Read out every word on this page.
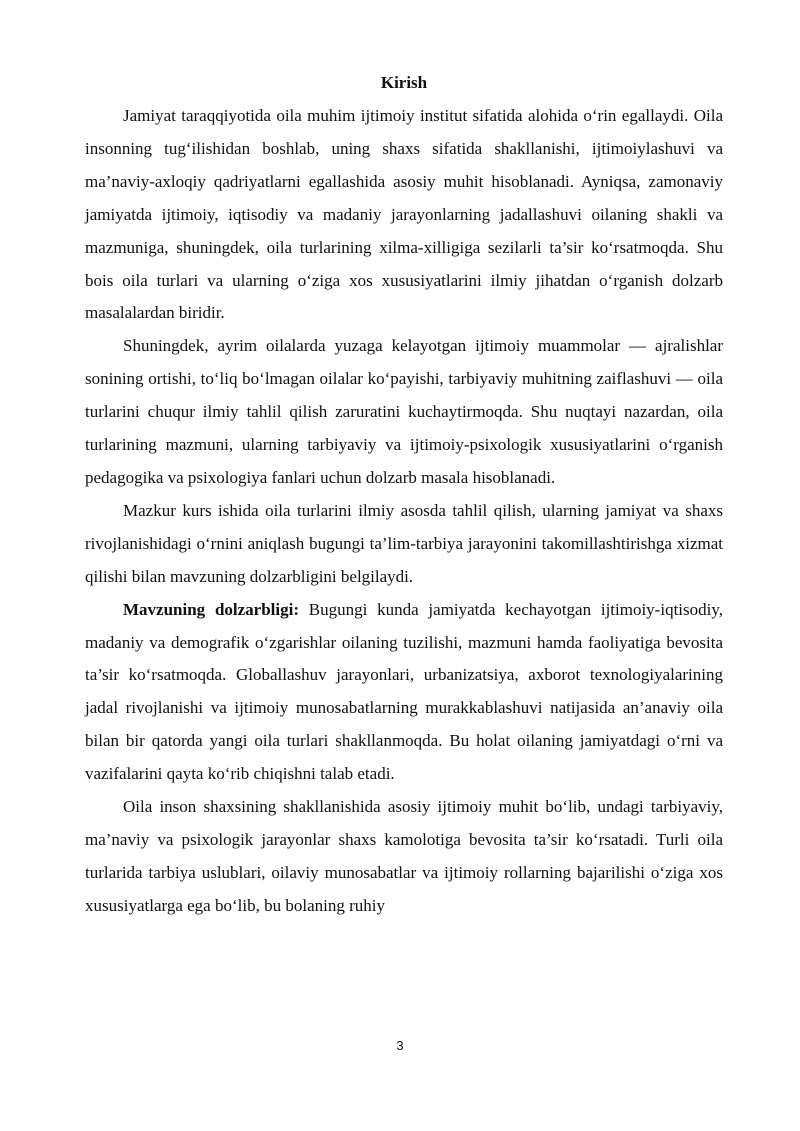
Kirish

Jamiyat taraqqiyotida oila muhim ijtimoiy institut sifatida alohida o‘rin egallaydi. Oila insonning tug‘ilishidan boshlab, uning shaxs sifatida shakllanishi, ijtimoiylashuvi va ma’naviy-axloqiy qadriyatlarni egallashida asosiy muhit hisoblanadi. Ayniqsa, zamonaviy jamiyatda ijtimoiy, iqtisodiy va madaniy jarayonlarning jadallashuvi oilaning shakli va mazmuniga, shuningdek, oila turlarining xilma-xilligiga sezilarli ta’sir ko‘rsatmoqda. Shu bois oila turlari va ularning o‘ziga xos xususiyatlarini ilmiy jihatdan o‘rganish dolzarb masalalardan biridir.

Shuningdek, ayrim oilalarda yuzaga kelayotgan ijtimoiy muammolar — ajralishlar sonining ortishi, to‘liq bo‘lmagan oilalar ko‘payishi, tarbiyaviy muhitning zaiflashuvi — oila turlarini chuqur ilmiy tahlil qilish zaruratini kuchaytirmoqda. Shu nuqtayi nazardan, oila turlarining mazmuni, ularning tarbiyaviy va ijtimoiy-psixologik xususiyatlarini o‘rganish pedagogika va psixologiya fanlari uchun dolzarb masala hisoblanadi.

Mazkur kurs ishida oila turlarini ilmiy asosda tahlil qilish, ularning jamiyat va shaxs rivojlanishidagi o‘rnini aniqlash bugungi ta’lim-tarbiya jarayonini takomillashtirishga xizmat qilishi bilan mavzuning dolzarbligini belgilaydi.

Mavzuning dolzarbligi: Bugungi kunda jamiyatda kechayotgan ijtimoiy-iqtisodiy, madaniy va demografik o‘zgarishlar oilaning tuzilishi, mazmuni hamda faoliyatiga bevosita ta’sir ko‘rsatmoqda. Globallashuv jarayonlari, urbanizatsiya, axborot texnologiyalarining jadal rivojlanishi va ijtimoiy munosabatlarning murakkablashuvi natijasida an’anaviy oila bilan bir qatorda yangi oila turlari shakllanmoqda. Bu holat oilaning jamiyatdagi o‘rni va vazifalarini qayta ko‘rib chiqishni talab etadi.

Oila inson shaxsining shakllanishida asosiy ijtimoiy muhit bo‘lib, undagi tarbiyaviy, ma’naviy va psixologik jarayonlar shaxs kamolotiga bevosita ta’sir ko‘rsatadi. Turli oila turlarida tarbiya uslublari, oilaviy munosabatlar va ijtimoiy rollarning bajarilishi o‘ziga xos xususiyatlarga ega bo‘lib, bu bolaning ruhiy

3
